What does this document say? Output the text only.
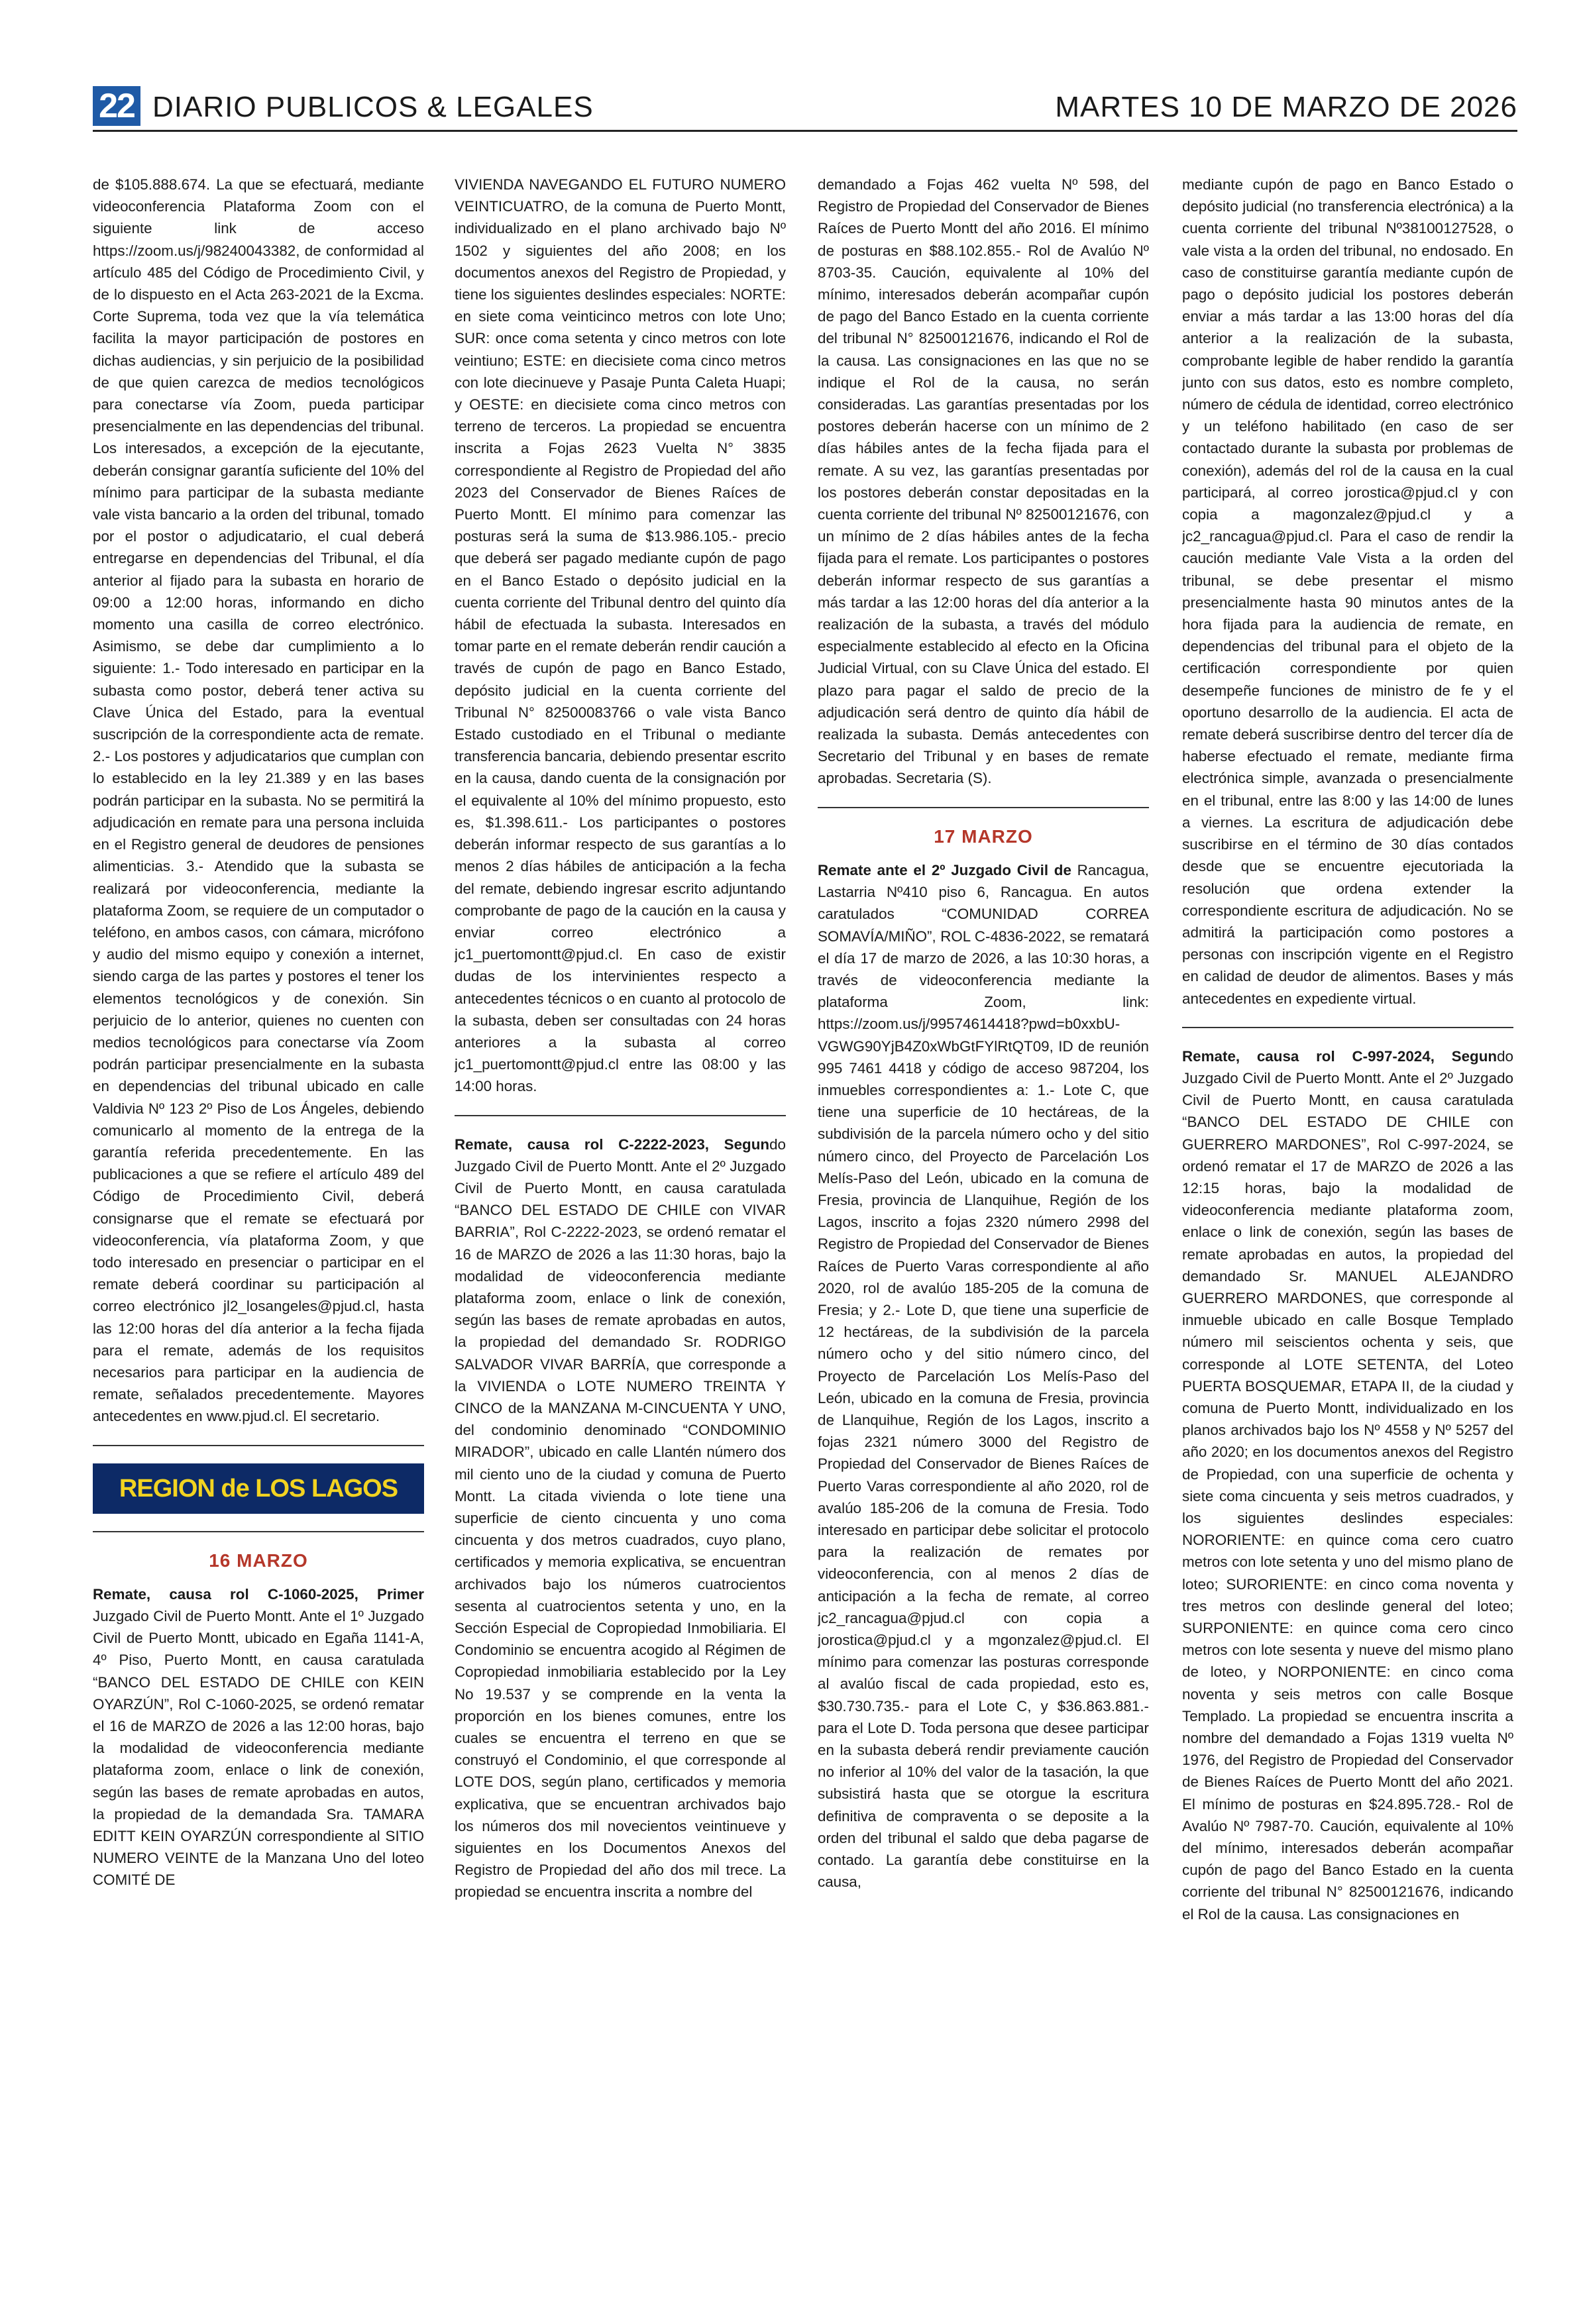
22 DIARIO PUBLICOS & LEGALES	MARTES 10 DE MARZO DE 2026

de $105.888.674. La que se efectuará, mediante videoconferencia Plataforma Zoom con el siguiente link de acceso https://zoom.us/j/98240043382, de conformidad al artículo 485 del Código de Procedimiento Civil, y de lo dispuesto en el Acta 263-2021 de la Excma. Corte Suprema, toda vez que la vía telemática facilita la mayor participación de postores en dichas audiencias, y sin perjuicio de la posibilidad de que quien carezca de medios tecnológicos para conectarse vía Zoom, pueda participar presencialmente en las dependencias del tribunal. Los interesados, a excepción de la ejecutante, deberán consignar garantía suficiente del 10% del mínimo para participar de la subasta mediante vale vista bancario a la orden del tribunal, tomado por el postor o adjudicatario, el cual deberá entregarse en dependencias del Tribunal, el día anterior al fijado para la subasta en horario de 09:00 a 12:00 horas, informando en dicho momento una casilla de correo electrónico. Asimismo, se debe dar cumplimiento a lo siguiente: 1.- Todo interesado en participar en la subasta como postor, deberá tener activa su Clave Única del Estado, para la eventual suscripción de la correspondiente acta de remate. 2.- Los postores y adjudicatarios que cumplan con lo establecido en la ley 21.389 y en las bases podrán participar en la subasta. No se permitirá la adjudicación en remate para una persona incluida en el Registro general de deudores de pensiones alimenticias. 3.- Atendido que la subasta se realizará por videoconferencia, mediante la plataforma Zoom, se requiere de un computador o teléfono, en ambos casos, con cámara, micrófono y audio del mismo equipo y conexión a internet, siendo carga de las partes y postores el tener los elementos tecnológicos y de conexión. Sin perjuicio de lo anterior, quienes no cuenten con medios tecnológicos para conectarse vía Zoom podrán participar presencialmente en la subasta en dependencias del tribunal ubicado en calle Valdivia Nº 123 2º Piso de Los Ángeles, debiendo comunicarlo al momento de la entrega de la garantía referida precedentemente. En las publicaciones a que se refiere el artículo 489 del Código de Procedimiento Civil, deberá consignarse que el remate se efectuará por videoconferencia, vía plataforma Zoom, y que todo interesado en presenciar o participar en el remate deberá coordinar su participación al correo electrónico jl2_losangeles@pjud.cl, hasta las 12:00 horas del día anterior a la fecha fijada para el remate, además de los requisitos necesarios para participar en la audiencia de remate, señalados precedentemente. Mayores antecedentes en www.pjud.cl. El secretario.

REGION de LOS LAGOS
16 MARZO

Remate, causa rol C-1060-2025, Primer Juzgado Civil de Puerto Montt. Ante el 1º Juzgado Civil de Puerto Montt, ubicado en Egaña 1141-A, 4º Piso, Puerto Montt, en causa caratulada “BANCO DEL ESTADO DE CHILE con KEIN OYARZÚN”, Rol C-1060-2025, se ordenó rematar el 16 de MARZO de 2026 a las 12:00 horas, bajo la modalidad de videoconferencia mediante plataforma zoom, enlace o link de conexión, según las bases de remate aprobadas en autos, la propiedad de la demandada Sra. TAMARA EDITT KEIN OYARZÚN correspondiente al SITIO NUMERO VEINTE de la Manzana Uno del loteo COMITÉ DE

VIVIENDA NAVEGANDO EL FUTURO NUMERO VEINTICUATRO, de la comuna de Puerto Montt, individualizado en el plano archivado bajo Nº 1502 y siguientes del año 2008; en los documentos anexos del Registro de Propiedad, y tiene los siguientes deslindes especiales: NORTE: en siete coma veinticinco metros con lote Uno; SUR: once coma setenta y cinco metros con lote veintiuno; ESTE: en diecisiete coma cinco metros con lote diecinueve y Pasaje Punta Caleta Huapi; y OESTE: en diecisiete coma cinco metros con terreno de terceros. La propiedad se encuentra inscrita a Fojas 2623 Vuelta N° 3835 correspondiente al Registro de Propiedad del año 2023 del Conservador de Bienes Raíces de Puerto Montt. El mínimo para comenzar las posturas será la suma de $13.986.105.- precio que deberá ser pagado mediante cupón de pago en el Banco Estado o depósito judicial en la cuenta corriente del Tribunal dentro del quinto día hábil de efectuada la subasta. Interesados en tomar parte en el remate deberán rendir caución a través de cupón de pago en Banco Estado, depósito judicial en la cuenta corriente del Tribunal N° 82500083766 o vale vista Banco Estado custodiado en el Tribunal o mediante transferencia bancaria, debiendo presentar escrito en la causa, dando cuenta de la consignación por el equivalente al 10% del mínimo propuesto, esto es, $1.398.611.- Los participantes o postores deberán informar respecto de sus garantías a lo menos 2 días hábiles de anticipación a la fecha del remate, debiendo ingresar escrito adjuntando comprobante de pago de la caución en la causa y enviar correo electrónico a jc1_puertomontt@pjud.cl. En caso de existir dudas de los intervinientes respecto a antecedentes técnicos o en cuanto al protocolo de la subasta, deben ser consultadas con 24 horas anteriores a la subasta al correo jc1_puertomontt@pjud.cl entre las 08:00 y las 14:00 horas.

Remate, causa rol C-2222-2023, Segundo Juzgado Civil de Puerto Montt. Ante el 2º Juzgado Civil de Puerto Montt, en causa caratulada “BANCO DEL ESTADO DE CHILE con VIVAR BARRIA”, Rol C-2222-2023, se ordenó rematar el 16 de MARZO de 2026 a las 11:30 horas, bajo la modalidad de videoconferencia mediante plataforma zoom, enlace o link de conexión, según las bases de remate aprobadas en autos, la propiedad del demandado Sr. RODRIGO SALVADOR VIVAR BARRÍA, que corresponde a la VIVIENDA o LOTE NUMERO TREINTA Y CINCO de la MANZANA M-CINCUENTA Y UNO, del condominio denominado “CONDOMINIO MIRADOR”, ubicado en calle Llantén número dos mil ciento uno de la ciudad y comuna de Puerto Montt. La citada vivienda o lote tiene una superficie de ciento cincuenta y uno coma cincuenta y dos metros cuadrados, cuyo plano, certificados y memoria explicativa, se encuentran archivados bajo los números cuatrocientos sesenta al cuatrocientos setenta y uno, en la Sección Especial de Copropiedad Inmobiliaria. El Condominio se encuentra acogido al Régimen de Copropiedad inmobiliaria establecido por la Ley No 19.537 y se comprende en la venta la proporción en los bienes comunes, entre los cuales se encuentra el terreno en que se construyó el Condominio, el que corresponde al LOTE DOS, según plano, certificados y memoria explicativa, que se encuentran archivados bajo los números dos mil novecientos veintinueve y siguientes en los Documentos Anexos del Registro de Propiedad del año dos mil trece. La propiedad se encuentra inscrita a nombre del

demandado a Fojas 462 vuelta Nº 598, del Registro de Propiedad del Conservador de Bienes Raíces de Puerto Montt del año 2016. El mínimo de posturas en $88.102.855.- Rol de Avalúo Nº 8703-35. Caución, equivalente al 10% del mínimo, interesados deberán acompañar cupón de pago del Banco Estado en la cuenta corriente del tribunal N° 82500121676, indicando el Rol de la causa. Las consignaciones en las que no se indique el Rol de la causa, no serán consideradas. Las garantías presentadas por los postores deberán hacerse con un mínimo de 2 días hábiles antes de la fecha fijada para el remate. A su vez, las garantías presentadas por los postores deberán constar depositadas en la cuenta corriente del tribunal Nº 82500121676, con un mínimo de 2 días hábiles antes de la fecha fijada para el remate. Los participantes o postores deberán informar respecto de sus garantías a más tardar a las 12:00 horas del día anterior a la realización de la subasta, a través del módulo especialmente establecido al efecto en la Oficina Judicial Virtual, con su Clave Única del estado. El plazo para pagar el saldo de precio de la adjudicación será dentro de quinto día hábil de realizada la subasta. Demás antecedentes con Secretario del Tribunal y en bases de remate aprobadas. Secretaria (S).

17 MARZO

Remate ante el 2º Juzgado Civil de Rancagua, Lastarria Nº410 piso 6, Rancagua. En autos caratulados “COMUNIDAD CORREA SOMAVÍA/MIÑO”, ROL C-4836-2022, se rematará el día 17 de marzo de 2026, a las 10:30 horas, a través de videoconferencia mediante la plataforma Zoom, link: https://zoom.us/j/99574614418?pwd=b0xxbU-VGWG90YjB4Z0xWbGtFYlRtQT09, ID de reunión 995 7461 4418 y código de acceso 987204, los inmuebles correspondientes a: 1.- Lote C, que tiene una superficie de 10 hectáreas, de la subdivisión de la parcela número ocho y del sitio número cinco, del Proyecto de Parcelación Los Melís-Paso del León, ubicado en la comuna de Fresia, provincia de Llanquihue, Región de los Lagos, inscrito a fojas 2320 número 2998 del Registro de Propiedad del Conservador de Bienes Raíces de Puerto Varas correspondiente al año 2020, rol de avalúo 185-205 de la comuna de Fresia; y 2.- Lote D, que tiene una superficie de 12 hectáreas, de la subdivisión de la parcela número ocho y del sitio número cinco, del Proyecto de Parcelación Los Melís-Paso del León, ubicado en la comuna de Fresia, provincia de Llanquihue, Región de los Lagos, inscrito a fojas 2321 número 3000 del Registro de Propiedad del Conservador de Bienes Raíces de Puerto Varas correspondiente al año 2020, rol de avalúo 185-206 de la comuna de Fresia. Todo interesado en participar debe solicitar el protocolo para la realización de remates por videoconferencia, con al menos 2 días de anticipación a la fecha de remate, al correo jc2_rancagua@pjud.cl con copia a jorostica@pjud.cl y a mgonzalez@pjud.cl. El mínimo para comenzar las posturas corresponde al avalúo fiscal de cada propiedad, esto es, $30.730.735.- para el Lote C, y $36.863.881.- para el Lote D. Toda persona que desee participar en la subasta deberá rendir previamente caución no inferior al 10% del valor de la tasación, la que subsistirá hasta que se otorgue la escritura definitiva de compraventa o se deposite a la orden del tribunal el saldo que deba pagarse de contado. La garantía debe constituirse en la causa,

mediante cupón de pago en Banco Estado o depósito judicial (no transferencia electrónica) a la cuenta corriente del tribunal Nº38100127528, o vale vista a la orden del tribunal, no endosado. En caso de constituirse garantía mediante cupón de pago o depósito judicial los postores deberán enviar a más tardar a las 13:00 horas del día anterior a la realización de la subasta, comprobante legible de haber rendido la garantía junto con sus datos, esto es nombre completo, número de cédula de identidad, correo electrónico y un teléfono habilitado (en caso de ser contactado durante la subasta por problemas de conexión), además del rol de la causa en la cual participará, al correo jorostica@pjud.cl y con copia a magonzalez@pjud.cl y a jc2_rancagua@pjud.cl. Para el caso de rendir la caución mediante Vale Vista a la orden del tribunal, se debe presentar el mismo presencialmente hasta 90 minutos antes de la hora fijada para la audiencia de remate, en dependencias del tribunal para el objeto de la certificación correspondiente por quien desempeñe funciones de ministro de fe y el oportuno desarrollo de la audiencia. El acta de remate deberá suscribirse dentro del tercer día de haberse efectuado el remate, mediante firma electrónica simple, avanzada o presencialmente en el tribunal, entre las 8:00 y las 14:00 de lunes a viernes. La escritura de adjudicación debe suscribirse en el término de 30 días contados desde que se encuentre ejecutoriada la resolución que ordena extender la correspondiente escritura de adjudicación. No se admitirá la participación como postores a personas con inscripción vigente en el Registro en calidad de deudor de alimentos. Bases y más antecedentes en expediente virtual.

Remate, causa rol C-997-2024, Segundo Juzgado Civil de Puerto Montt. Ante el 2º Juzgado Civil de Puerto Montt, en causa caratulada “BANCO DEL ESTADO DE CHILE con GUERRERO MARDONES”, Rol C-997-2024, se ordenó rematar el 17 de MARZO de 2026 a las 12:15 horas, bajo la modalidad de videoconferencia mediante plataforma zoom, enlace o link de conexión, según las bases de remate aprobadas en autos, la propiedad del demandado Sr. MANUEL ALEJANDRO GUERRERO MARDONES, que corresponde al inmueble ubicado en calle Bosque Templado número mil seiscientos ochenta y seis, que corresponde al LOTE SETENTA, del Loteo PUERTA BOSQUEMAR, ETAPA II, de la ciudad y comuna de Puerto Montt, individualizado en los planos archivados bajo los Nº 4558 y Nº 5257 del año 2020; en los documentos anexos del Registro de Propiedad, con una superficie de ochenta y siete coma cincuenta y seis metros cuadrados, y los siguientes deslindes especiales: NORORIENTE: en quince coma cero cuatro metros con lote setenta y uno del mismo plano de loteo; SURORIENTE: en cinco coma noventa y tres metros con deslinde general del loteo; SURPONIENTE: en quince coma cero cinco metros con lote sesenta y nueve del mismo plano de loteo, y NORPONIENTE: en cinco coma noventa y seis metros con calle Bosque Templado. La propiedad se encuentra inscrita a nombre del demandado a Fojas 1319 vuelta Nº 1976, del Registro de Propiedad del Conservador de Bienes Raíces de Puerto Montt del año 2021. El mínimo de posturas en $24.895.728.- Rol de Avalúo Nº 7987-70. Caución, equivalente al 10% del mínimo, interesados deberán acompañar cupón de pago del Banco Estado en la cuenta corriente del tribunal N° 82500121676, indicando el Rol de la causa. Las consignaciones en
